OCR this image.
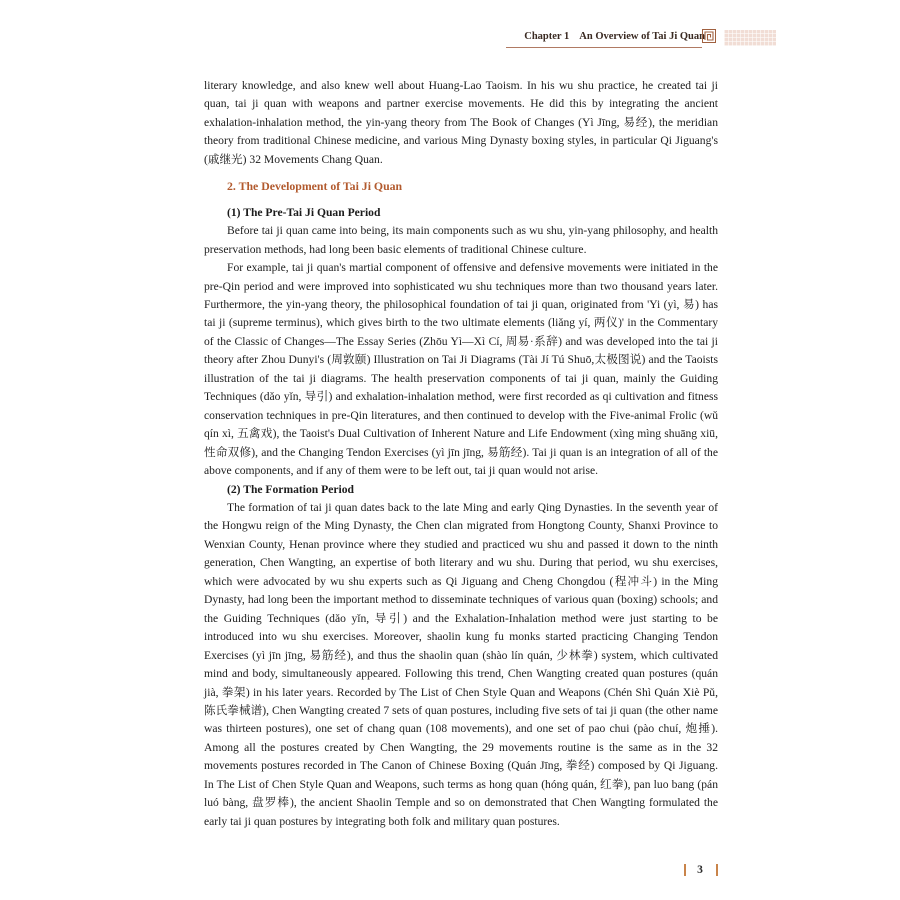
Chapter 1 An Overview of Tai Ji Quan

literary knowledge, and also knew well about Huang-Lao Taoism. In his wu shu practice, he created tai ji quan, tai ji quan with weapons and partner exercise movements. He did this by integrating the ancient exhalation-inhalation method, the yin-yang theory from The Book of Changes (Yì Jīng, 易经), the meridian theory from traditional Chinese medicine, and various Ming Dynasty boxing styles, in particular Qi Jiguang's (戚继光) 32 Movements Chang Quan.

2. The Development of Tai Ji Quan
(1) The Pre-Tai Ji Quan Period

Before tai ji quan came into being, its main components such as wu shu, yin-yang philosophy, and health preservation methods, had long been basic elements of traditional Chinese culture.

For example, tai ji quan's martial component of offensive and defensive movements were initiated in the pre-Qin period and were improved into sophisticated wu shu techniques more than two thousand years later. Furthermore, the yin-yang theory, the philosophical foundation of tai ji quan, originated from 'Yi (yì, 易) has tai ji (supreme terminus), which gives birth to the two ultimate elements (liǎng yí, 两仪)' in the Commentary of the Classic of Changes—The Essay Series (Zhōu Yì—Xì Cí, 周易·系辞) and was developed into the tai ji theory after Zhou Dunyi's (周敦颐) Illustration on Tai Ji Diagrams (Tài Jí Tú Shuō,太极图说) and the Taoists illustration of the tai ji diagrams. The health preservation components of tai ji quan, mainly the Guiding Techniques (dǎo yǐn, 导引) and exhalation-inhalation method, were first recorded as qi cultivation and fitness conservation techniques in pre-Qin literatures, and then continued to develop with the Five-animal Frolic (wǔ qín xì, 五禽戏), the Taoist's Dual Cultivation of Inherent Nature and Life Endowment (xìng mìng shuāng xiū, 性命双修), and the Changing Tendon Exercises (yì jīn jīng, 易筋经). Tai ji quan is an integration of all of the above components, and if any of them were to be left out, tai ji quan would not arise.

(2) The Formation Period

The formation of tai ji quan dates back to the late Ming and early Qing Dynasties. In the seventh year of the Hongwu reign of the Ming Dynasty, the Chen clan migrated from Hongtong County, Shanxi Province to Wenxian County, Henan province where they studied and practiced wu shu and passed it down to the ninth generation, Chen Wangting, an expertise of both literary and wu shu. During that period, wu shu exercises, which were advocated by wu shu experts such as Qi Jiguang and Cheng Chongdou (程冲斗) in the Ming Dynasty, had long been the important method to disseminate techniques of various quan (boxing) schools; and the Guiding Techniques (dǎo yǐn, 导引) and the Exhalation-Inhalation method were just starting to be introduced into wu shu exercises. Moreover, shaolin kung fu monks started practicing Changing Tendon Exercises (yì jīn jīng, 易筋经), and thus the shaolin quan (shào lín quán, 少林拳) system, which cultivated mind and body, simultaneously appeared. Following this trend, Chen Wangting created quan postures (quán jià, 拳架) in his later years. Recorded by The List of Chen Style Quan and Weapons (Chén Shì Quán Xiè Pǔ, 陈氏拳械谱), Chen Wangting created 7 sets of quan postures, including five sets of tai ji quan (the other name was thirteen postures), one set of chang quan (108 movements), and one set of pao chui (pào chuí, 炮捶). Among all the postures created by Chen Wangting, the 29 movements routine is the same as in the 32 movements postures recorded in The Canon of Chinese Boxing (Quán Jīng, 拳经) composed by Qi Jiguang. In The List of Chen Style Quan and Weapons, such terms as hong quan (hóng quán, 红拳), pan luo bang (pán luó bàng, 盘罗棒), the ancient Shaolin Temple and so on demonstrated that Chen Wangting formulated the early tai ji quan postures by integrating both folk and military quan postures.

3
